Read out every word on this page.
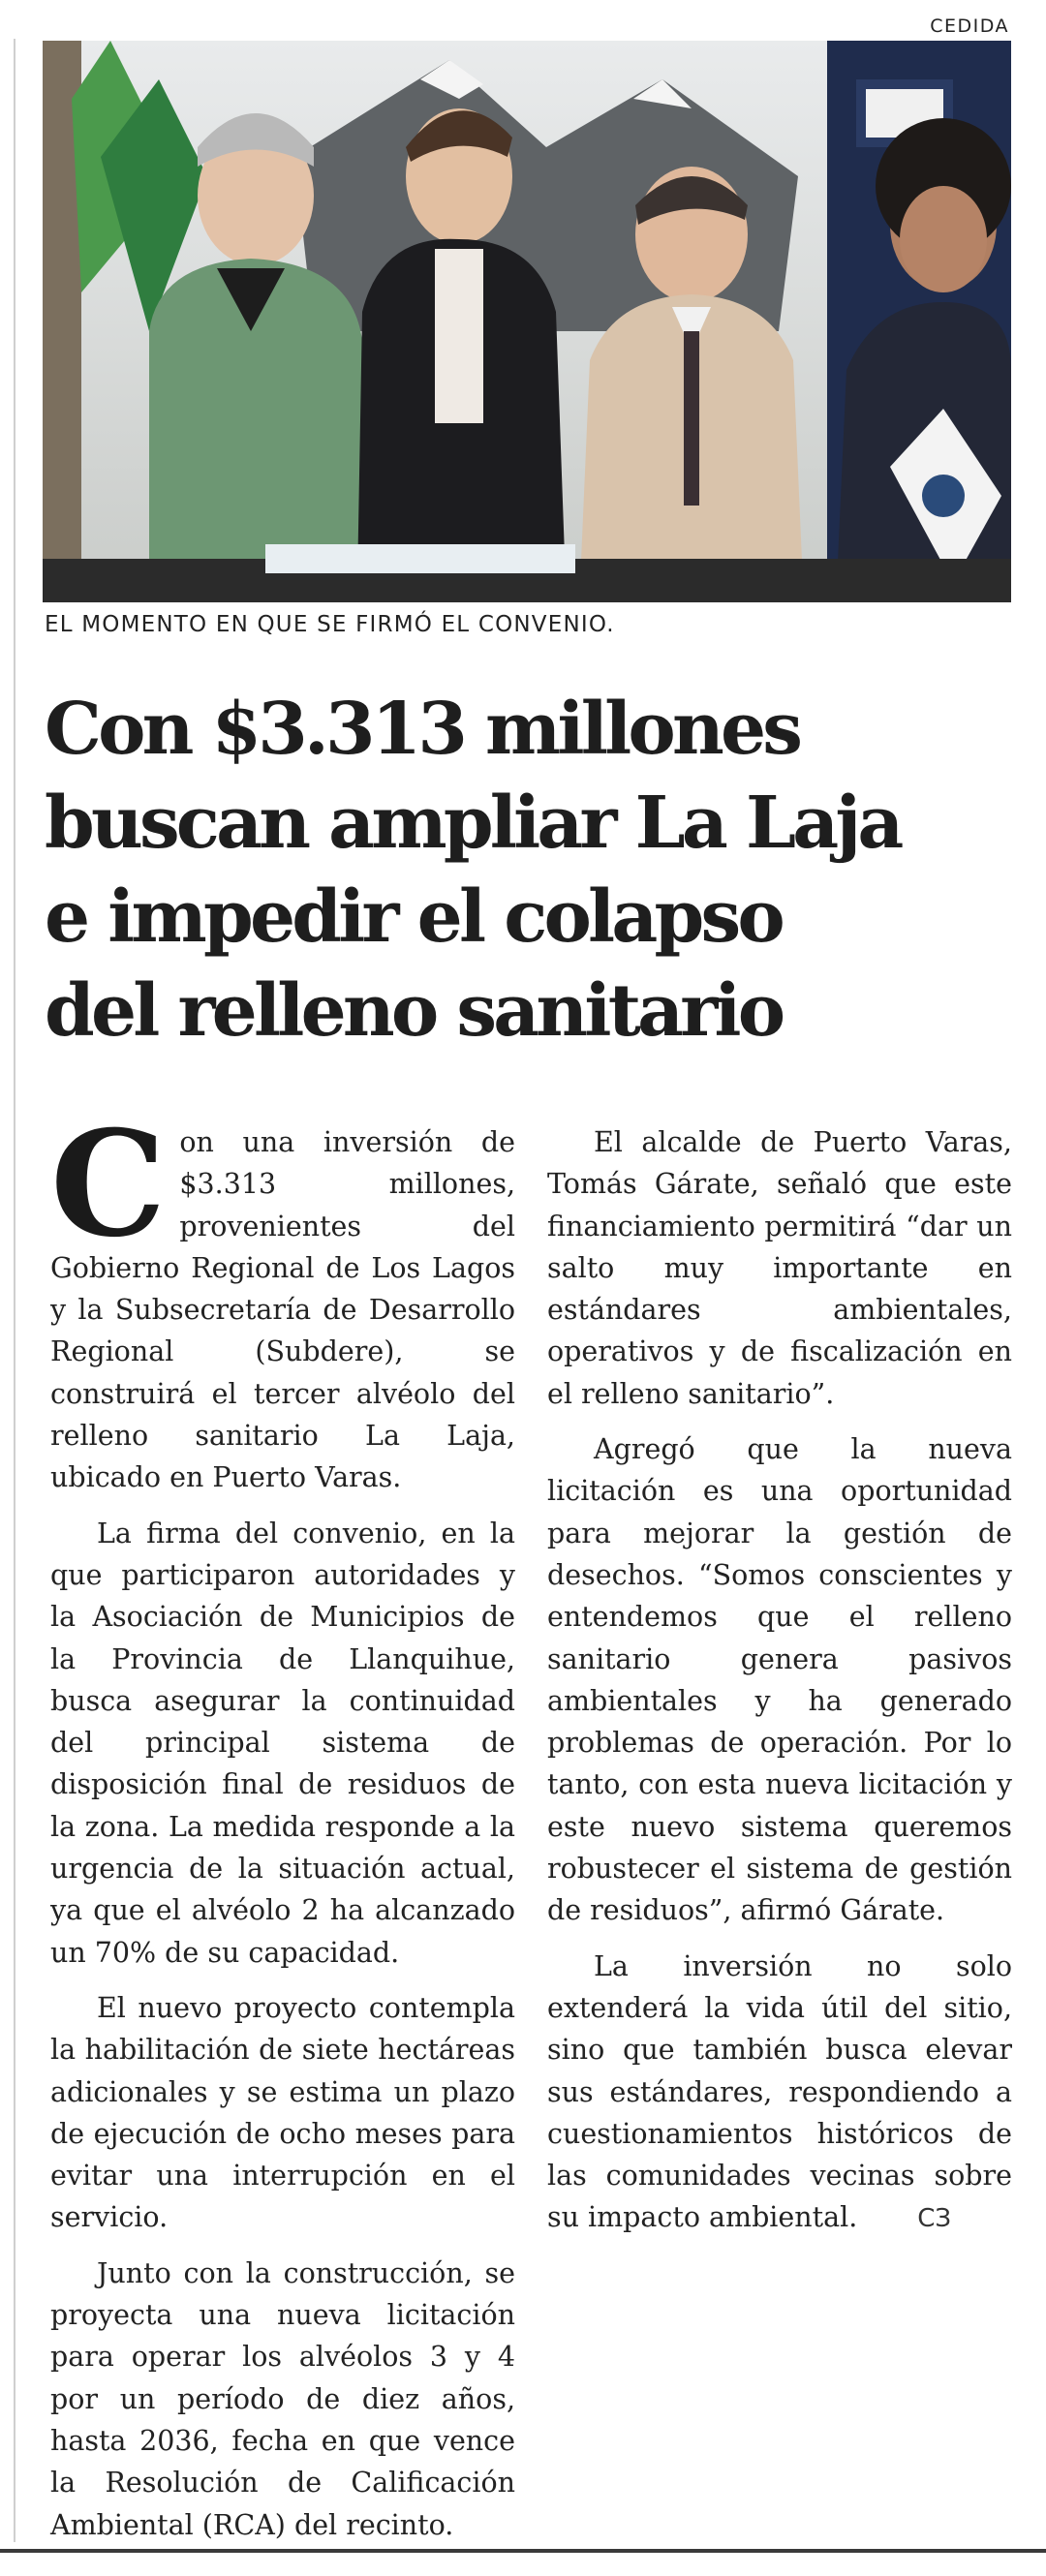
CEDIDA
EL MOMENTO EN QUE SE FIRMÓ EL CONVENIO.
Con $3.313 millones
buscan ampliar La Laja
e impedir el colapso
del relleno sanitario

Con una inversión de $3.313 millones, provenientes del Gobierno Regional de Los Lagos y la Subsecretaría de Desarrollo Regional (Subdere), se construirá el tercer alvéolo del relleno sanitario La Laja, ubicado en Puerto Varas.

La firma del convenio, en la que participaron autoridades y la Asociación de Municipios de la Provincia de Llanquihue, busca asegurar la continuidad del principal sistema de disposición final de residuos de la zona. La medida responde a la urgencia de la situación actual, ya que el alvéolo 2 ha alcanzado un 70% de su capacidad.

El nuevo proyecto contempla la habilitación de siete hectáreas adicionales y se estima un plazo de ejecución de ocho meses para evitar una interrupción en el servicio.

Junto con la construcción, se proyecta una nueva licitación para operar los alvéolos 3 y 4 por un período de diez años, hasta 2036, fecha en que vence la Resolución de Calificación Ambiental (RCA) del recinto.

El alcalde de Puerto Varas, Tomás Gárate, señaló que este financiamiento permitirá “dar un salto muy importante en estándares ambientales, operativos y de fiscalización en el relleno sanitario”.

Agregó que la nueva licitación es una oportunidad para mejorar la gestión de desechos. “Somos conscientes y entendemos que el relleno sanitario genera pasivos ambientales y ha generado problemas de operación. Por lo tanto, con esta nueva licitación y este nuevo sistema queremos robustecer el sistema de gestión de residuos”, afirmó Gárate.

La inversión no solo extenderá la vida útil del sitio, sino que también busca elevar sus estándares, respondiendo a cuestionamientos históricos de las comunidades vecinas sobre su impacto ambiental. CЗ
